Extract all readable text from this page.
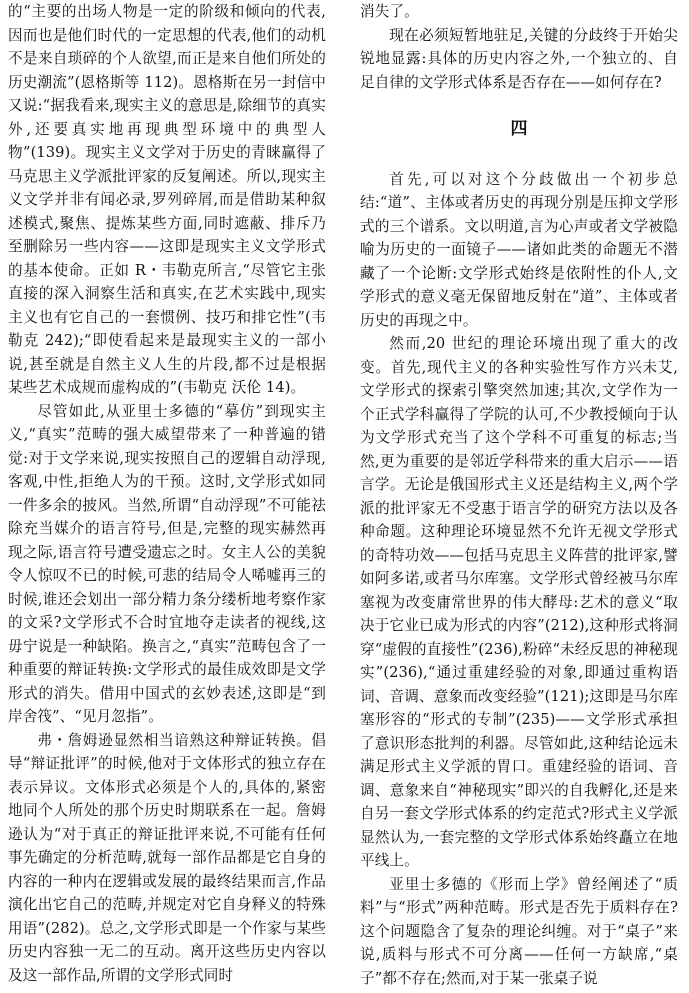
的“主要的出场人物是一定的阶级和倾向的代表,因而也是他们时代的一定思想的代表,他们的动机不是来自琐碎的个人欲望,而正是来自他们所处的历史潮流”(恩格斯等 112)。恩格斯在另一封信中又说:“据我看来,现实主义的意思是,除细节的真实外,还要真实地再现典型环境中的典型人物”(139)。现实主义文学对于历史的青睐赢得了马克思主义学派批评家的反复阐述。所以,现实主义文学并非有闻必录,罗列碎屑,而是借助某种叙述模式,聚焦、提炼某些方面,同时遮蔽、排斥乃至删除另一些内容——这即是现实主义文学形式的基本使命。正如 R・韦勒克所言,“尽管它主张直接的深入洞察生活和真实,在艺术实践中,现实主义也有它自己的一套惯例、技巧和排它性”(韦勒克 242);“即使看起来是最现实主义的一部小说,甚至就是自然主义人生的片段,都不过是根据某些艺术成规而虚构成的”(韦勒克 沃伦 14)。

尽管如此,从亚里士多德的“摹仿”到现实主义,“真实”范畴的强大威望带来了一种普遍的错觉:对于文学来说,现实按照自己的逻辑自动浮现,客观,中性,拒绝人为的干预。这时,文学形式如同一件多余的披风。当然,所谓“自动浮现”不可能祛除充当媒介的语言符号,但是,完整的现实赫然再现之际,语言符号遭受遗忘之时。女主人公的美貌令人惊叹不已的时候,可悲的结局令人唏嘘再三的时候,谁还会划出一部分精力条分缕析地考察作家的文采?文学形式不合时宜地夺走读者的视线,这毋宁说是一种缺陷。换言之,“真实”范畴包含了一种重要的辩证转换:文学形式的最佳成效即是文学形式的消失。借用中国式的玄妙表述,这即是“到岸舍筏”、“见月忽指”。

弗・詹姆逊显然相当谙熟这种辩证转换。倡导“辩证批评”的时候,他对于文体形式的独立存在表示异议。文体形式必须是个人的,具体的,紧密地同个人所处的那个历史时期联系在一起。詹姆逊认为“对于真正的辩证批评来说,不可能有任何事先确定的分析范畴,就每一部作品都是它自身的内容的一种内在逻辑或发展的最终结果而言,作品演化出它自己的范畴,并规定对它自身释义的特殊用语”(282)。总之,文学形式即是一个作家与某些历史内容独一无二的互动。离开这些历史内容以及这一部作品,所谓的文学形式同时

消失了。

现在必须短暂地驻足,关键的分歧终于开始尖锐地显露:具体的历史内容之外,一个独立的、自足自律的文学形式体系是否存在——如何存在?

四

首先,可以对这个分歧做出一个初步总结:“道”、主体或者历史的再现分别是压抑文学形式的三个谱系。文以明道,言为心声或者文学被隐喻为历史的一面镜子——诸如此类的命题无不潜藏了一个论断:文学形式始终是依附性的仆人,文学形式的意义毫无保留地反射在“道”、主体或者历史的再现之中。

然而,20 世纪的理论环境出现了重大的改变。首先,现代主义的各种实验性写作方兴未艾,文学形式的探索引擎突然加速;其次,文学作为一个正式学科赢得了学院的认可,不少教授倾向于认为文学形式充当了这个学科不可重复的标志;当然,更为重要的是邻近学科带来的重大启示——语言学。无论是俄国形式主义还是结构主义,两个学派的批评家无不受惠于语言学的研究方法以及各种命题。这种理论环境显然不允许无视文学形式的奇特功效——包括马克思主义阵营的批评家,譬如阿多诺,或者马尔库塞。文学形式曾经被马尔库塞视为改变庸常世界的伟大酵母:艺术的意义“取决于它业已成为形式的内容”(212),这种形式将洞穿“虚假的直接性”(236),粉碎“未经反思的神秘现实”(236),“通过重建经验的对象,即通过重构语词、音调、意象而改变经验”(121);这即是马尔库塞形容的“形式的专制”(235)——文学形式承担了意识形态批判的利器。尽管如此,这种结论远未满足形式主义学派的胃口。重建经验的语词、音调、意象来自“神秘现实”即兴的自我孵化,还是来自另一套文学形式体系的约定范式?形式主义学派显然认为,一套完整的文学形式体系始终矗立在地平线上。

亚里士多德的《形而上学》曾经阐述了“质料”与“形式”两种范畴。形式是否先于质料存在?这个问题隐含了复杂的理论纠缠。对于“桌子”来说,质料与形式不可分离——任何一方缺席,“桌子”都不存在;然而,对于某一张桌子说
